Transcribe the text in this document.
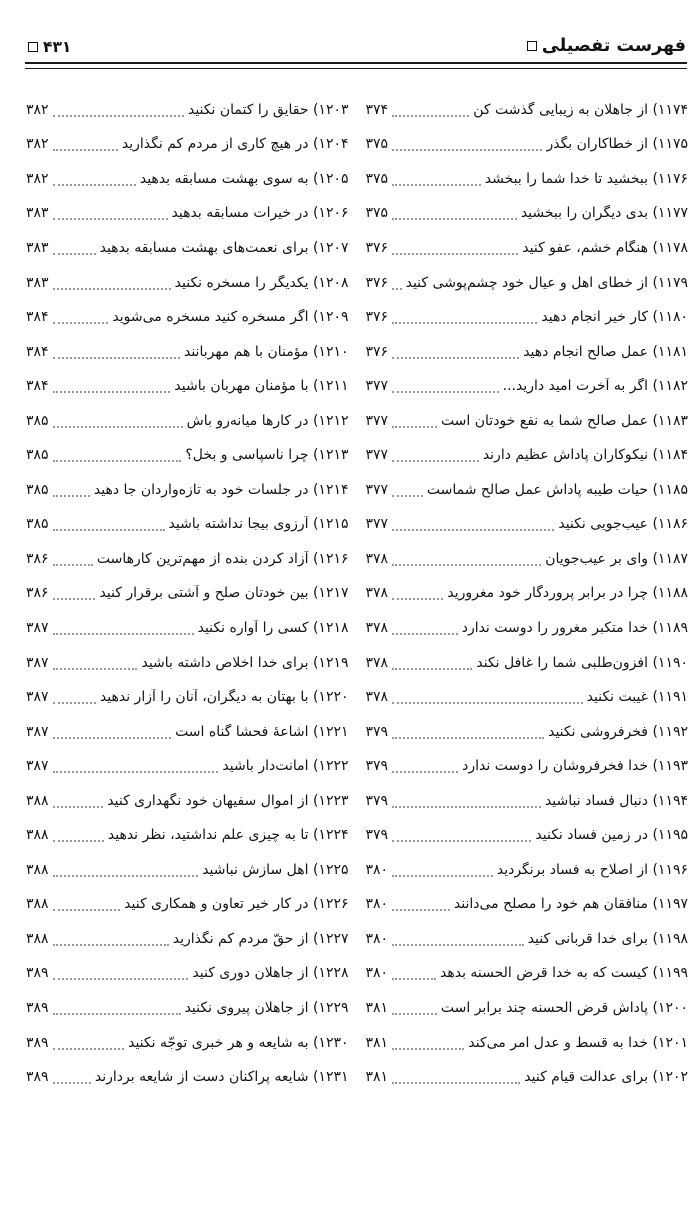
فهرست تفصیلی
۴۳۱
۱۱۷۴) از جاهلان به زیبایی گذشت کن
۳۷۴
۱۱۷۵) از خطاکاران بگذر
۳۷۵
۱۱۷۶) ببخشید تا خدا شما را ببخشد
۳۷۵
۱۱۷۷) بدی دیگران را ببخشید
۳۷۵
۱۱۷۸) هنگام خشم، عفو کنید
۳۷۶
۱۱۷۹) از خطای اهل و عیال خود چشم‌پوشی کنید
۳۷۶
۱۱۸۰) کار خیر انجام دهید
۳۷۶
۱۱۸۱) عمل صالح انجام دهید
۳۷۶
۱۱۸۲) اگر به آخرت امید دارید...
۳۷۷
۱۱۸۳) عمل صالح شما به نفع خودتان است
۳۷۷
۱۱۸۴) نیکوکاران پاداش عظیم دارند
۳۷۷
۱۱۸۵) حیات طیبه پاداش عمل صالح شماست
۳۷۷
۱۱۸۶) عیب‌جویی نکنید
۳۷۷
۱۱۸۷) وای بر عیب‌جویان
۳۷۸
۱۱۸۸) چرا در برابر پروردگار خود مغرورید
۳۷۸
۱۱۸۹) خدا متکبر مغرور را دوست ندارد
۳۷۸
۱۱۹۰) افزون‌طلبی شما را غافل نکند
۳۷۸
۱۱۹۱) غیبت نکنید
۳۷۸
۱۱۹۲) فخرفروشی نکنید
۳۷۹
۱۱۹۳) خدا فخرفروشان را دوست ندارد
۳۷۹
۱۱۹۴) دنبال فساد نباشید
۳۷۹
۱۱۹۵) در زمین فساد نکنید
۳۷۹
۱۱۹۶) از اصلاح به فساد برنگردید
۳۸۰
۱۱۹۷) منافقان هم خود را مصلح می‌دانند
۳۸۰
۱۱۹۸) برای خدا قربانی کنید
۳۸۰
۱۱۹۹) کیست که به خدا قرض الحسنه بدهد
۳۸۰
۱۲۰۰) پاداش قرض الحسنه چند برابر است
۳۸۱
۱۲۰۱) خدا به قسط و عدل امر می‌کند
۳۸۱
۱۲۰۲) برای عدالت قیام کنید
۳۸۱
۱۲۰۳) حقایق را کتمان نکنید
۳۸۲
۱۲۰۴) در هیچ کاری از مردم کم نگذارید
۳۸۲
۱۲۰۵) به سوی بهشت مسابقه بدهید
۳۸۲
۱۲۰۶) در خیرات مسابقه بدهید
۳۸۳
۱۲۰۷) برای نعمت‌های بهشت مسابقه بدهید
۳۸۳
۱۲۰۸) یکدیگر را مسخره نکنید
۳۸۳
۱۲۰۹) اگر مسخره کنید مسخره می‌شوید
۳۸۴
۱۲۱۰) مؤمنان با هم مهربانند
۳۸۴
۱۲۱۱) با مؤمنان مهربان باشید
۳۸۴
۱۲۱۲) در کارها میانه‌رو باش
۳۸۵
۱۲۱۳) چرا ناسپاسی و بخل؟
۳۸۵
۱۲۱۴) در جلسات خود به تازه‌واردان جا دهید
۳۸۵
۱۲۱۵) آرزوی بیجا نداشته باشید
۳۸۵
۱۲۱۶) آزاد کردن بنده از مهم‌ترین کارهاست
۳۸۶
۱۲۱۷) بین خودتان صلح و آشتی برقرار کنید
۳۸۶
۱۲۱۸) کسی را آواره نکنید
۳۸۷
۱۲۱۹) برای خدا اخلاص داشته باشید
۳۸۷
۱۲۲۰) با بهتان به دیگران، آنان را آزار ندهید
۳۸۷
۱۲۲۱) اشاعهٔ فحشا گناه است
۳۸۷
۱۲۲۲) امانت‌دار باشید
۳۸۷
۱۲۲۳) از اموال سفیهان خود نگهداری کنید
۳۸۸
۱۲۲۴) تا به چیزی علم نداشتید، نظر ندهید
۳۸۸
۱۲۲۵) اهل سازش نباشید
۳۸۸
۱۲۲۶) در کار خیر تعاون و همکاری کنید
۳۸۸
۱۲۲۷) از حقّ مردم کم نگذارید
۳۸۸
۱۲۲۸) از جاهلان دوری کنید
۳۸۹
۱۲۲۹) از جاهلان پیروی نکنید
۳۸۹
۱۲۳۰) به شایعه و هر خبری توجّه نکنید
۳۸۹
۱۲۳۱) شایعه پراکنان دست از شایعه بردارند
۳۸۹
